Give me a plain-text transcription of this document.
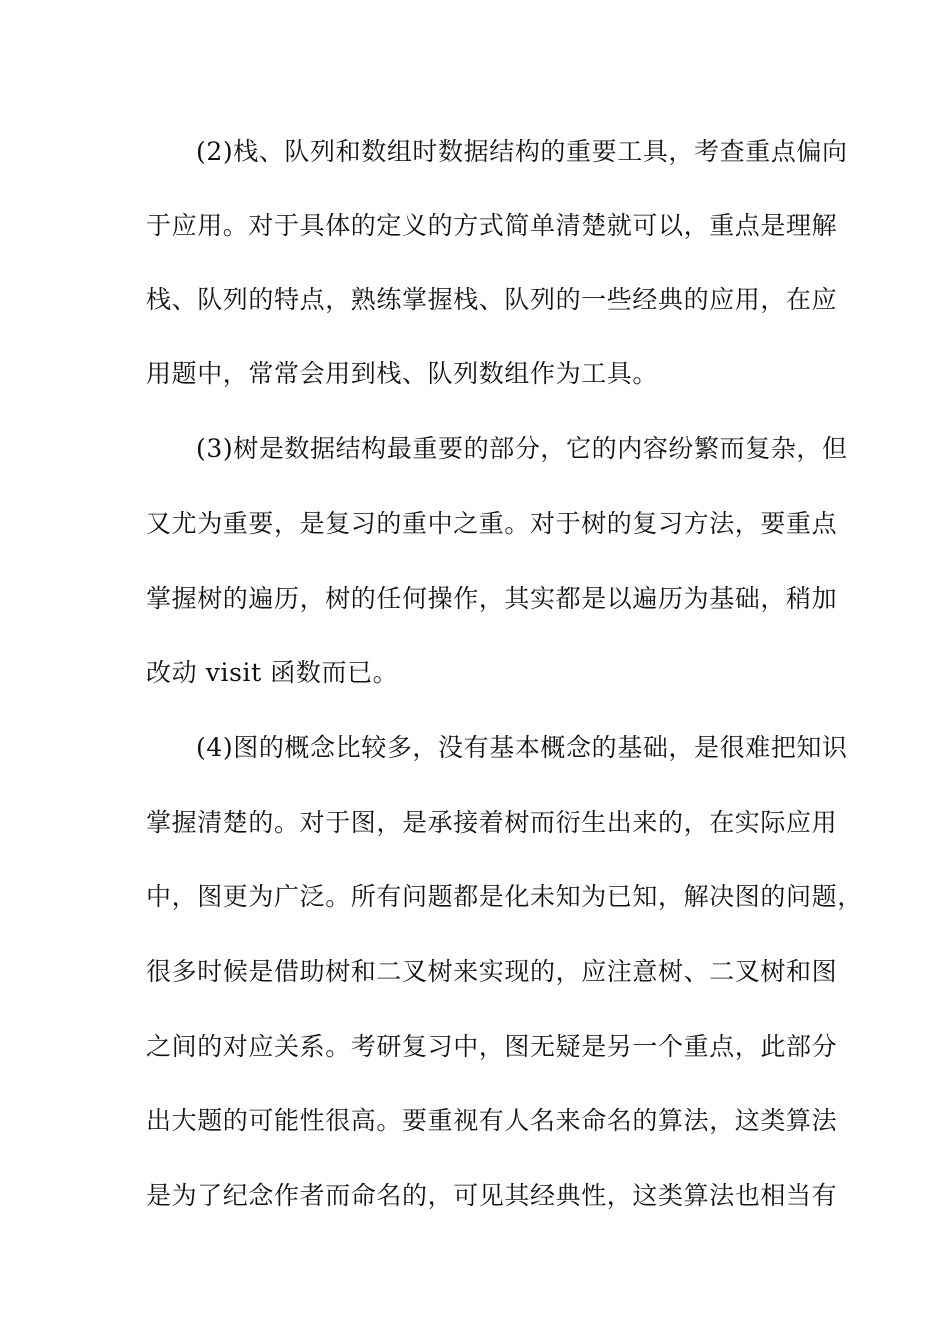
(2)栈、队列和数组时数据结构的重要工具，考查重点偏向
于应用。对于具体的定义的方式简单清楚就可以，重点是理解
栈、队列的特点，熟练掌握栈、队列的一些经典的应用，在应
用题中，常常会用到栈、队列数组作为工具。
(3)树是数据结构最重要的部分，它的内容纷繁而复杂，但
又尤为重要，是复习的重中之重。对于树的复习方法，要重点
掌握树的遍历，树的任何操作，其实都是以遍历为基础，稍加
改动 visit 函数而已。
(4)图的概念比较多，没有基本概念的基础，是很难把知识
掌握清楚的。对于图，是承接着树而衍生出来的，在实际应用
中，图更为广泛。所有问题都是化未知为已知，解决图的问题，
很多时候是借助树和二叉树来实现的，应注意树、二叉树和图
之间的对应关系。考研复习中，图无疑是另一个重点，此部分
出大题的可能性很高。要重视有人名来命名的算法，这类算法
是为了纪念作者而命名的，可见其经典性，这类算法也相当有
